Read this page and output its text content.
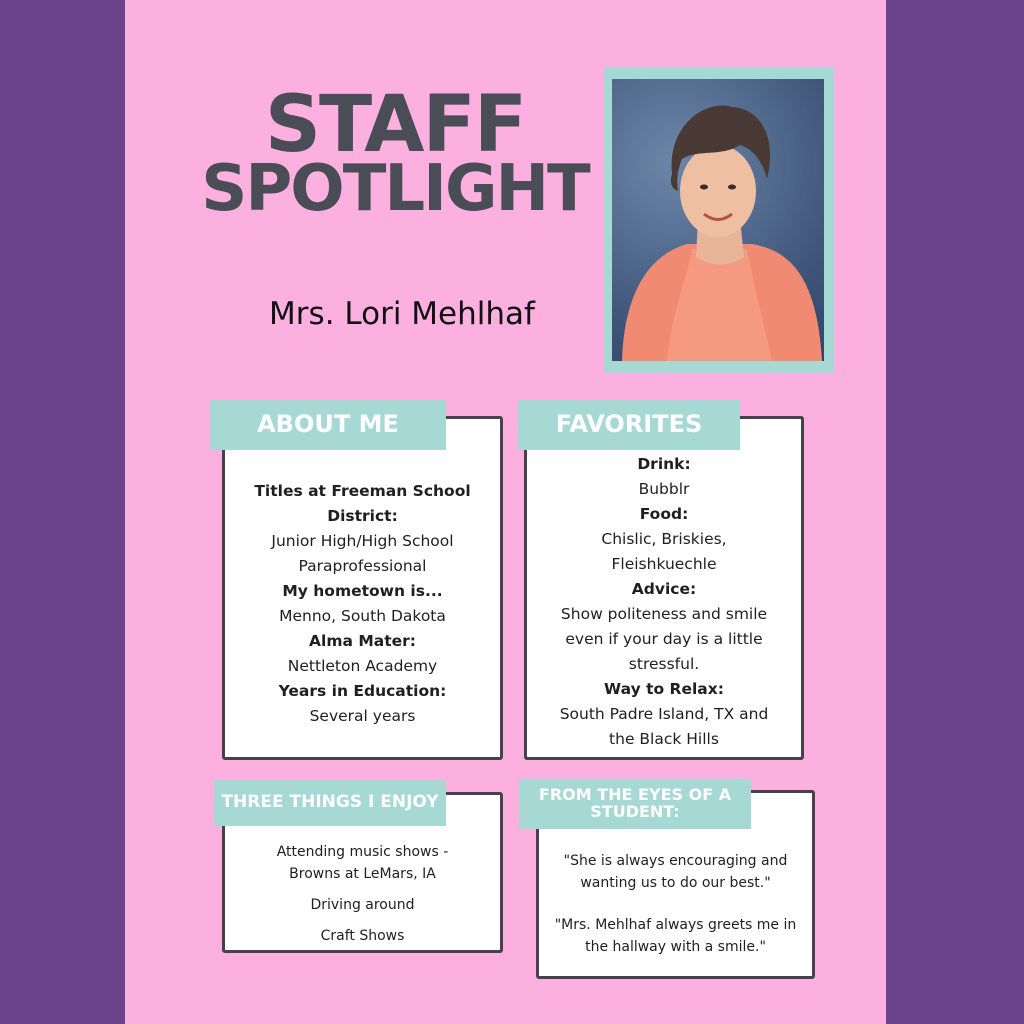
STAFF
SPOTLIGHT
Mrs. Lori Mehlhaf
Titles at Freeman School
District:
Junior High/High School
Paraprofessional
My hometown is...
Menno, South Dakota
Alma Mater:
Nettleton Academy
Years in Education:
Several years
ABOUT ME
Drink:
Bubblr
Food:
Chislic, Briskies,
Fleishkuechle
Advice:
Show politeness and smile
even if your day is a little
stressful.
Way to Relax:
South Padre Island, TX and
the Black Hills
FAVORITES
Attending music shows -
Browns at LeMars, IA
Driving around
Craft Shows
THREE THINGS I ENJOY
"She is always encouraging and
wanting us to do our best."
"Mrs. Mehlhaf always greets me in
the hallway with a smile."
FROM THE EYES OF A
STUDENT:
